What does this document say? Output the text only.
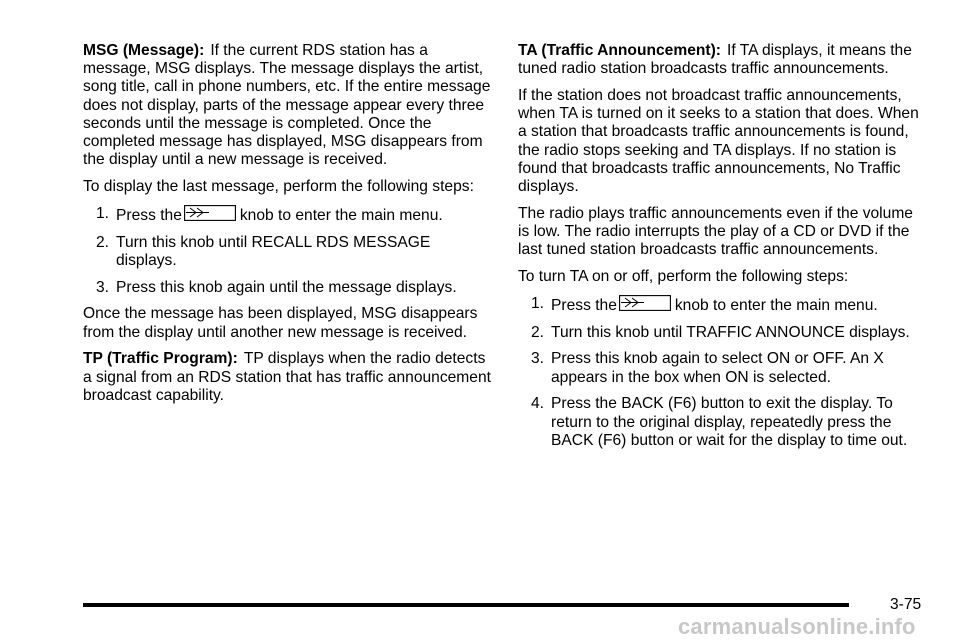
MSG (Message): If the current RDS station has a message, MSG displays. The message displays the artist, song title, call in phone numbers, etc. If the entire message does not display, parts of the message appear every three seconds until the message is completed. Once the completed message has displayed, MSG disappears from the display until a new message is received.

To display the last message, perform the following steps:

1. Press the	knob to enter the main menu.
2. Turn this knob until RECALL RDS MESSAGE displays.
3. Press this knob again until the message displays.

Once the message has been displayed, MSG disappears from the display until another new message is received.

TP (Traffic Program): TP displays when the radio detects a signal from an RDS station that has traffic announcement broadcast capability.

TA (Traffic Announcement): If TA displays, it means the tuned radio station broadcasts traffic announcements.

If the station does not broadcast traffic announcements, when TA is turned on it seeks to a station that does. When a station that broadcasts traffic announcements is found, the radio stops seeking and TA displays. If no station is found that broadcasts traffic announcements, No Traffic displays.

The radio plays traffic announcements even if the volume is low. The radio interrupts the play of a CD or DVD if the last tuned station broadcasts traffic announcements.

To turn TA on or off, perform the following steps:

1. Press the	knob to enter the main menu.
2. Turn this knob until TRAFFIC ANNOUNCE displays.
3. Press this knob again to select ON or OFF. An X appears in the box when ON is selected.
4. Press the BACK (F6) button to exit the display. To return to the original display, repeatedly press the BACK (F6) button or wait for the display to time out.
3-75
carmanualsonline.info
